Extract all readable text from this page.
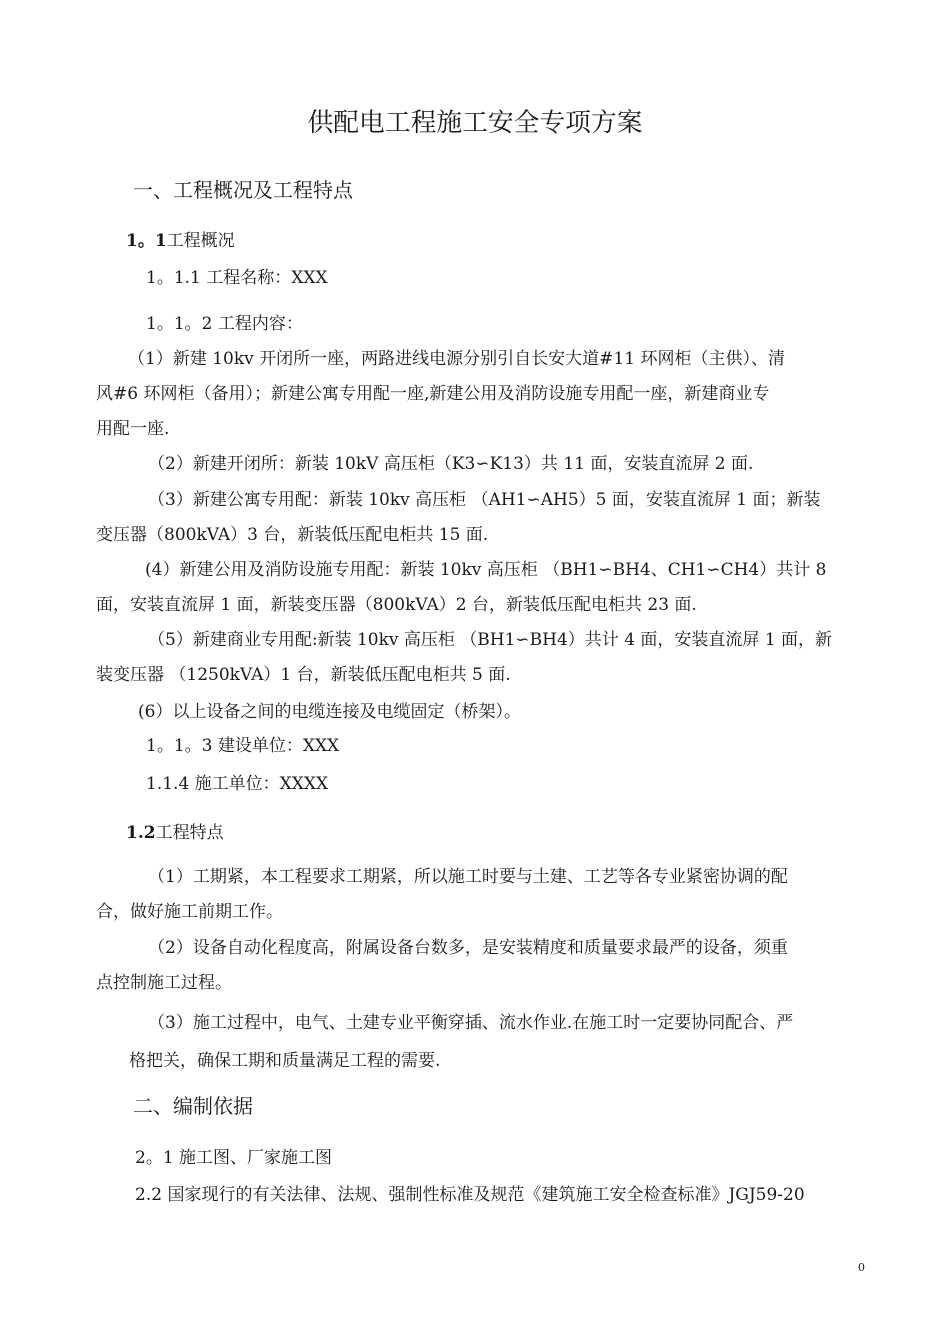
供配电工程施工安全专项方案
一、工程概况及工程特点
1。1工程概况
1。1.1 工程名称：XXX
1。1。2 工程内容：
（1）新建 10kv 开闭所一座，两路进线电源分别引自长安大道#11 环网柜（主供）、清
风#6 环网柜（备用）；新建公寓专用配一座,新建公用及消防设施专用配一座，新建商业专
用配一座.
（2）新建开闭所：新装 10kV 高压柜（K3∽K13）共 11 面，安装直流屏 2 面.
（3）新建公寓专用配：新装 10kv 高压柜 （AH1∽AH5）5 面，安装直流屏 1 面；新装
变压器（800kVA）3 台，新装低压配电柜共 15 面.
(4）新建公用及消防设施专用配：新装 10kv 高压柜 （BH1∽BH4、CH1∽CH4）共计 8
面，安装直流屏 1 面，新装变压器（800kVA）2 台，新装低压配电柜共 23 面.
（5）新建商业专用配:新装 10kv 高压柜 （BH1∽BH4）共计 4 面，安装直流屏 1 面，新
装变压器 （1250kVA）1 台，新装低压配电柜共 5 面.
(6）以上设备之间的电缆连接及电缆固定（桥架）。
1。1。3 建设单位：XXX
1.1.4 施工单位：XXXX
1.2工程特点
（1）工期紧，本工程要求工期紧，所以施工时要与土建、工艺等各专业紧密协调的配
合，做好施工前期工作。
（2）设备自动化程度高，附属设备台数多，是安装精度和质量要求最严的设备，须重
点控制施工过程。
（3）施工过程中，电气、土建专业平衡穿插、流水作业.在施工时一定要协同配合、严
格把关，确保工期和质量满足工程的需要.
二、编制依据
2。1 施工图、厂家施工图
2.2 国家现行的有关法律、法规、强制性标准及规范《建筑施工安全检查标准》JGJ59-20
0
